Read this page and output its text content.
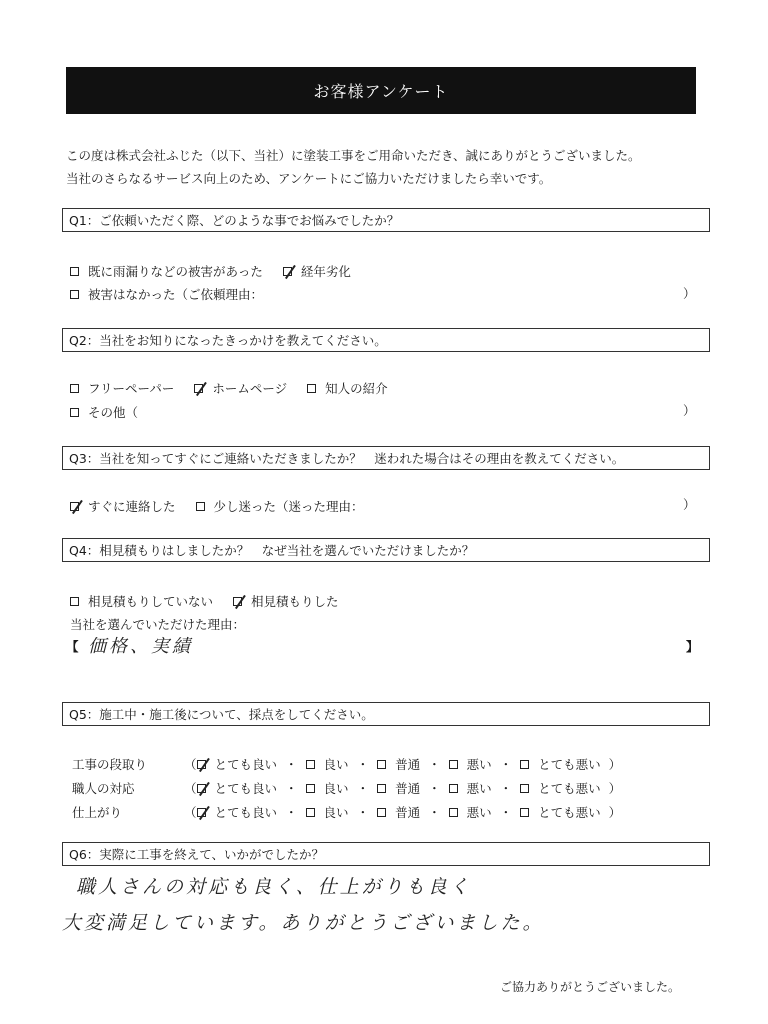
お客様アンケート
この度は株式会社ふじた（以下、当社）に塗装工事をご用命いただき、誠にありがとうございました。
当社のさらなるサービス向上のため、アンケートにご協力いただけましたら幸いです。
Q1：ご依頼いただく際、どのような事でお悩みでしたか？
既に雨漏りなどの被害があった	経年劣化
被害はなかった（ご依頼理由：	）
Q2：当社をお知りになったきっかけを教えてください。
フリーペーパー	ホームページ	知人の紹介
その他（	）
Q3：当社を知ってすぐにご連絡いただきましたか？　迷われた場合はその理由を教えてください。
すぐに連絡した	少し迷った（迷った理由：	）
Q4：相見積もりはしましたか？　なぜ当社を選んでいただけましたか？
相見積もりしていない	相見積もりした
当社を選んでいただけた理由：
【 価格、実績	】
Q5：施工中・施工後について、採点をしてください。
工事の段取り	（ とても良い ・ 良い ・ 普通 ・ 悪い ・ とても悪い ）
職人の対応	（ とても良い ・ 良い ・ 普通 ・ 悪い ・ とても悪い ）
仕上がり	（ とても良い ・ 良い ・ 普通 ・ 悪い ・ とても悪い ）
Q6：実際に工事を終えて、いかがでしたか？
職人さんの対応も良く、仕上がりも良く
大変満足しています。ありがとうございました。
ご協力ありがとうございました。
